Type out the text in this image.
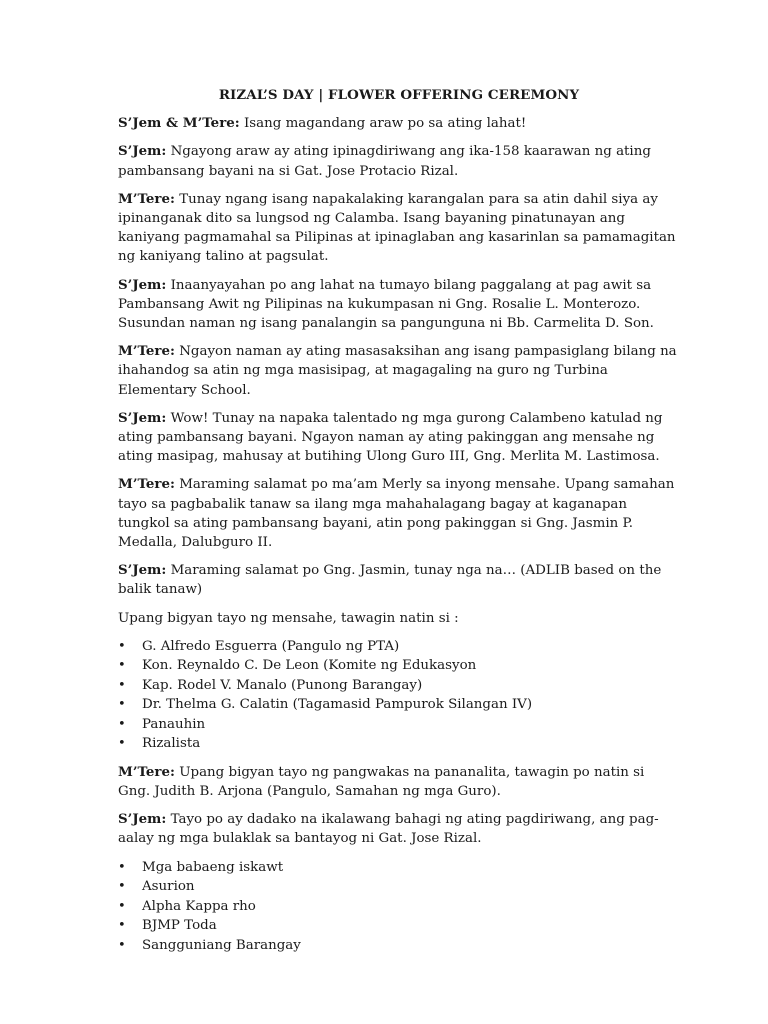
RIZAL’S DAY | FLOWER OFFERING CEREMONY
S’Jem & M’Tere: Isang magandang araw po sa ating lahat!
S’Jem: Ngayong araw ay ating ipinagdiriwang ang ika-158 kaarawan ng ating pambansang bayani na si Gat. Jose Protacio Rizal.
M’Tere: Tunay ngang isang napakalaking karangalan para sa atin dahil siya ay ipinanganak dito sa lungsod ng Calamba. Isang bayaning pinatunayan ang kaniyang pagmamahal sa Pilipinas at ipinaglaban ang kasarinlan sa pamamagitan ng kaniyang talino at pagsulat.
S’Jem: Inaanyayahan po ang lahat na tumayo bilang paggalang at pag awit sa Pambansang Awit ng Pilipinas na kukumpasan ni Gng. Rosalie L. Monterozo. Susundan naman ng isang panalangin sa pangunguna ni Bb. Carmelita D. Son.
M’Tere: Ngayon naman ay ating masasaksihan ang isang pampasiglang bilang na ihahandog sa atin ng mga masisipag, at magagaling na guro ng Turbina Elementary School.
S’Jem: Wow! Tunay na napaka talentado ng mga gurong Calambeno katulad ng ating pambansang bayani. Ngayon naman ay ating pakinggan ang mensahe ng ating masipag, mahusay at butihing Ulong Guro III, Gng. Merlita M. Lastimosa.
M’Tere: Maraming salamat po ma’am Merly sa inyong mensahe. Upang samahan tayo sa pagbabalik tanaw sa ilang mga mahahalagang bagay at kaganapan tungkol sa ating pambansang bayani, atin pong pakinggan si Gng. Jasmin P. Medalla, Dalubguro II.
S’Jem: Maraming salamat po Gng. Jasmin, tunay nga na… (ADLIB based on the balik tanaw)
Upang bigyan tayo ng mensahe, tawagin natin si :
• G. Alfredo Esguerra (Pangulo ng PTA)
• Kon. Reynaldo C. De Leon (Komite ng Edukasyon
• Kap. Rodel V. Manalo (Punong Barangay)
• Dr. Thelma G. Calatin (Tagamasid Pampurok Silangan IV)
• Panauhin
• Rizalista
M’Tere: Upang bigyan tayo ng pangwakas na pananalita, tawagin po natin si Gng. Judith B. Arjona (Pangulo, Samahan ng mga Guro).
S’Jem: Tayo po ay dadako na ikalawang bahagi ng ating pagdiriwang, ang pag-aalay ng mga bulaklak sa bantayog ni Gat. Jose Rizal.
• Mga babaeng iskawt
• Asurion
• Alpha Kappa rho
• BJMP Toda
• Sangguniang Barangay
